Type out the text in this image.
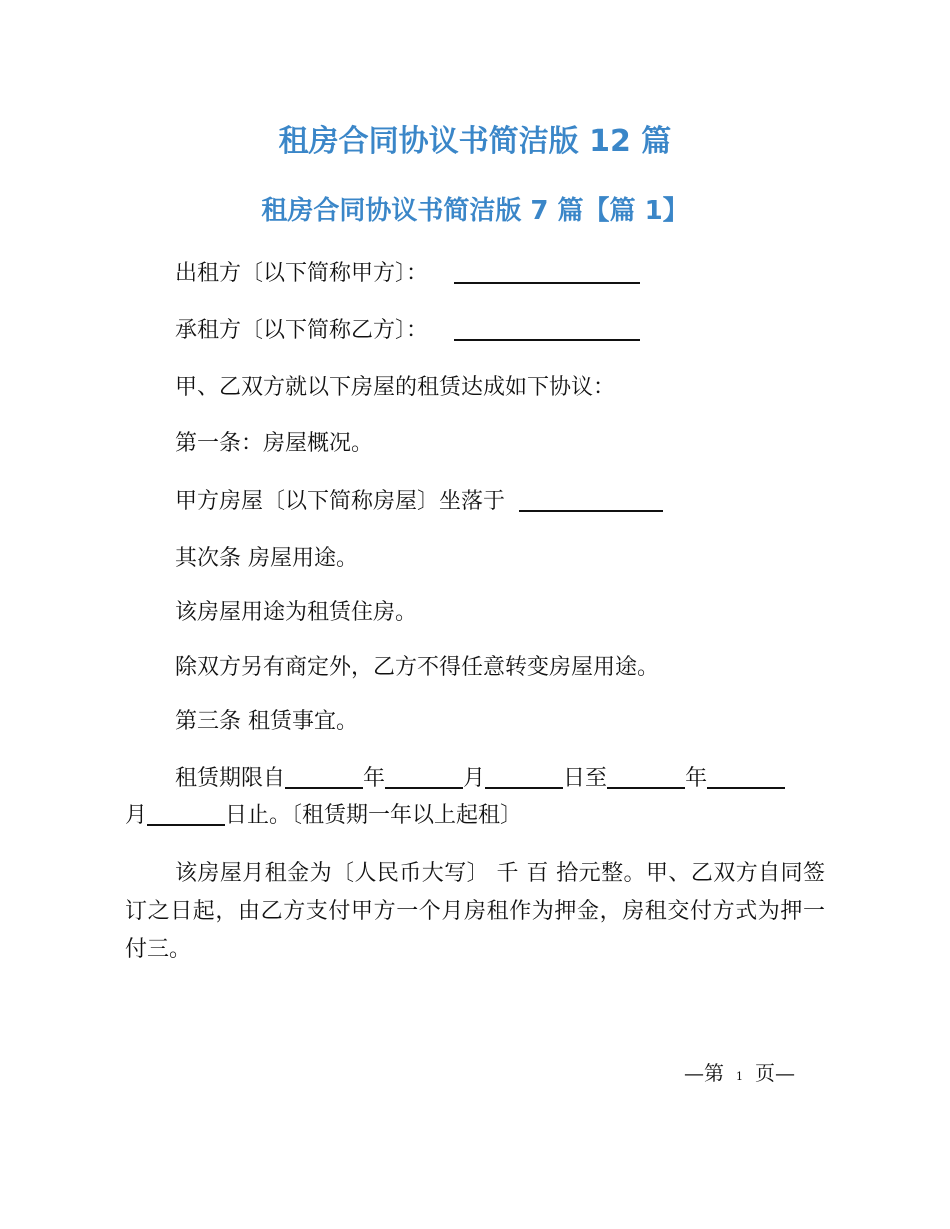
租房合同协议书简洁版 12 篇
租房合同协议书简洁版 7 篇【篇 1】
出租方〔以下简称甲方〕：
承租方〔以下简称乙方〕：
甲、乙双方就以下房屋的租赁达成如下协议：
第一条：房屋概况。
甲方房屋〔以下简称房屋〕坐落于
其次条 房屋用途。
该房屋用途为租赁住房。
除双方另有商定外，乙方不得任意转变房屋用途。
第三条 租赁事宜。
租赁期限自	年	月	日至	年
月	日止。〔租赁期一年以上起租〕
该房屋月租金为〔人民币大写〕 千 百 拾元整。甲、乙双方自同签订之日起，由乙方支付甲方一个月房租作为押金，房租交付方式为押一付三。
—第 1 页—
